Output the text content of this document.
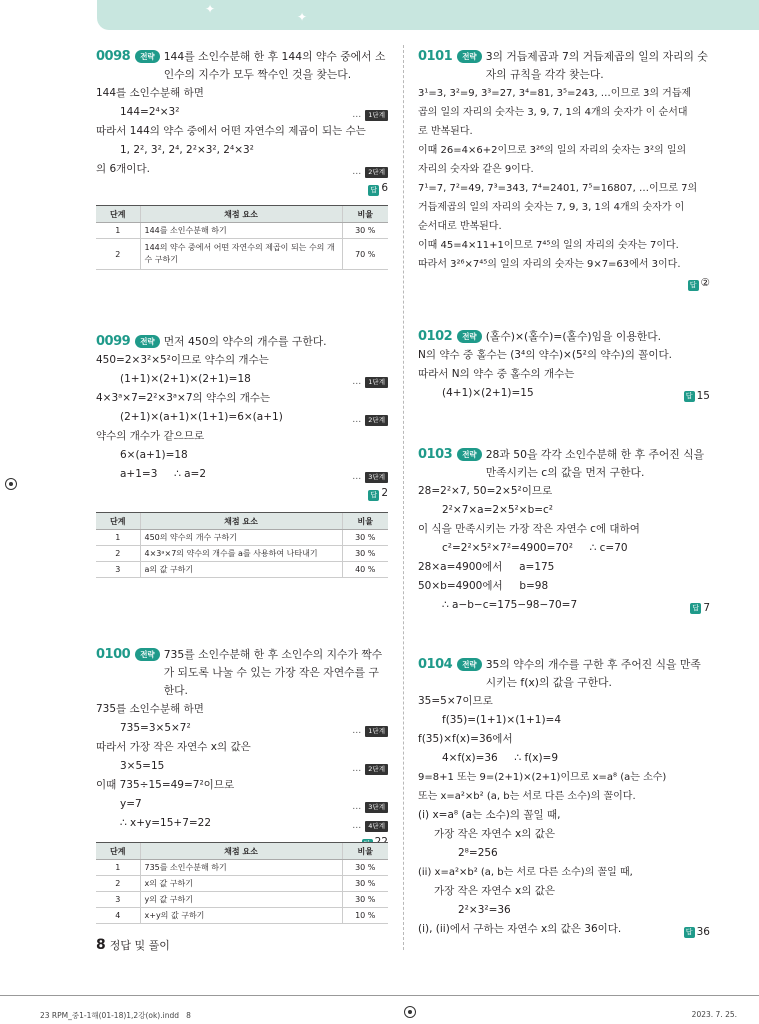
✦
✦
0098	전략 144를 소인수분해 한 후 144의 약수 중에서 소인수의 지수가 모두 짝수인 것을 찾는다.
144를 소인수분해 하면
144=2⁴×3²	… 1단계
따라서 144의 약수 중에서 어떤 자연수의 제곱이 되는 수는
1, 2², 3², 2⁴, 2²×3², 2⁴×3²
의 6개이다.	… 2단계
답 6
단계	채점 요소	비율
1	144를 소인수분해 하기	30 %
2	144의 약수 중에서 어떤 자연수의 제곱이 되는 수의 개수 구하기	70 %
0099	전략 먼저 450의 약수의 개수를 구한다.
450=2×3²×5²이므로 약수의 개수는
(1+1)×(2+1)×(2+1)=18	… 1단계
4×3ᵃ×7=2²×3ᵃ×7의 약수의 개수는
(2+1)×(a+1)×(1+1)=6×(a+1)	… 2단계
약수의 개수가 같으므로
6×(a+1)=18
a+1=3     ∴ a=2	… 3단계
답 2
단계	채점 요소	비율
1	450의 약수의 개수 구하기	30 %
2	4×3ᵃ×7의 약수의 개수를 a를 사용하여 나타내기	30 %
3	a의 값 구하기	40 %
0100	전략 735를 소인수분해 한 후 소인수의 지수가 짝수가 되도록 나눌 수 있는 가장 작은 자연수를 구한다.
735를 소인수분해 하면
735=3×5×7²	… 1단계
따라서 가장 작은 자연수 x의 값은
3×5=15	… 2단계
이때 735÷15=49=7²이므로
y=7	… 3단계
∴ x+y=15+7=22	… 4단계
단계	채점 요소	비율
1	735를 소인수분해 하기	30 %
2	x의 값 구하기	30 %
3	y의 값 구하기	30 %
4	x+y의 값 구하기	10 %
0101	전략 3의 거듭제곱과 7의 거듭제곱의 일의 자리의 숫자의 규칙을 각각 찾는다.
3¹=3, 3²=9, 3³=27, 3⁴=81, 3⁵=243, …이므로 3의 거듭제
곱의 일의 자리의 숫자는 3, 9, 7, 1의 4개의 숫자가 이 순서대
로 반복된다.
이때 26=4×6+2이므로 3²⁶의 일의 자리의 숫자는 3²의 일의
자리의 숫자와 같은 9이다.
7¹=7, 7²=49, 7³=343, 7⁴=2401, 7⁵=16807, …이므로 7의
거듭제곱의 일의 자리의 숫자는 7, 9, 3, 1의 4개의 숫자가 이
순서대로 반복된다.
이때 45=4×11+1이므로 7⁴⁵의 일의 자리의 숫자는 7이다.
따라서 3²⁶×7⁴⁵의 일의 자리의 숫자는 9×7=63에서 3이다.
답 ②
0102	전략 (홀수)×(홀수)=(홀수)임을 이용한다.
N의 약수 중 홀수는 (3⁴의 약수)×(5²의 약수)의 꼴이다.
따라서 N의 약수 중 홀수의 개수는
(4+1)×(2+1)=15	답 15
0103	전략 28과 50을 각각 소인수분해 한 후 주어진 식을 만족시키는 c의 값을 먼저 구한다.
28=2²×7, 50=2×5²이므로
2²×7×a=2×5²×b=c²
이 식을 만족시키는 가장 작은 자연수 c에 대하여
c²=2²×5²×7²=4900=70²     ∴ c=70
28×a=4900에서     a=175
50×b=4900에서     b=98
∴ a−b−c=175−98−70=7	답 7
0104	전략 35의 약수의 개수를 구한 후 주어진 식을 만족시키는 f(x)의 값을 구한다.
35=5×7이므로
f(35)=(1+1)×(1+1)=4
f(35)×f(x)=36에서
4×f(x)=36     ∴ f(x)=9
9=8+1 또는 9=(2+1)×(2+1)이므로 x=a⁸ (a는 소수)
또는 x=a²×b² (a, b는 서로 다른 소수)의 꼴이다.
(i) x=a⁸ (a는 소수)의 꼴일 때,
가장 작은 자연수 x의 값은
2⁸=256
(ii) x=a²×b² (a, b는 서로 다른 소수)의 꼴일 때,
가장 작은 자연수 x의 값은
2²×3²=36
(i), (ii)에서 구하는 자연수 x의 값은 36이다.	답 36
8 정답 및 풀이
23 RPM_중1-1해(01-18)1,2강(ok).indd   8	2023. 7. 25.
